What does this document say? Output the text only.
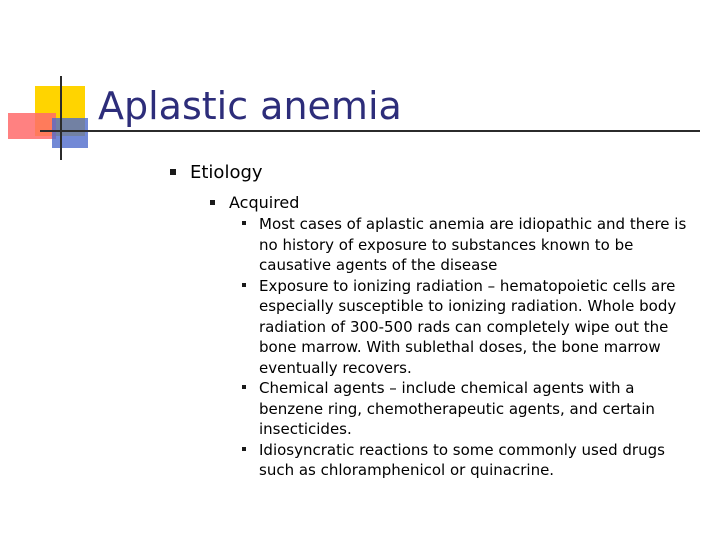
Aplastic anemia
Etiology
Acquired
Most cases of aplastic anemia are idiopathic and there is no history of exposure to substances known to be causative agents of the disease
Exposure to ionizing radiation – hematopoietic cells are especially susceptible to ionizing radiation. Whole body radiation of 300-500 rads can completely wipe out the bone marrow. With sublethal doses, the bone marrow eventually recovers.
Chemical agents – include chemical agents with a benzene ring, chemotherapeutic agents, and certain insecticides.
Idiosyncratic reactions to some commonly used drugs such as chloramphenicol or quinacrine.
